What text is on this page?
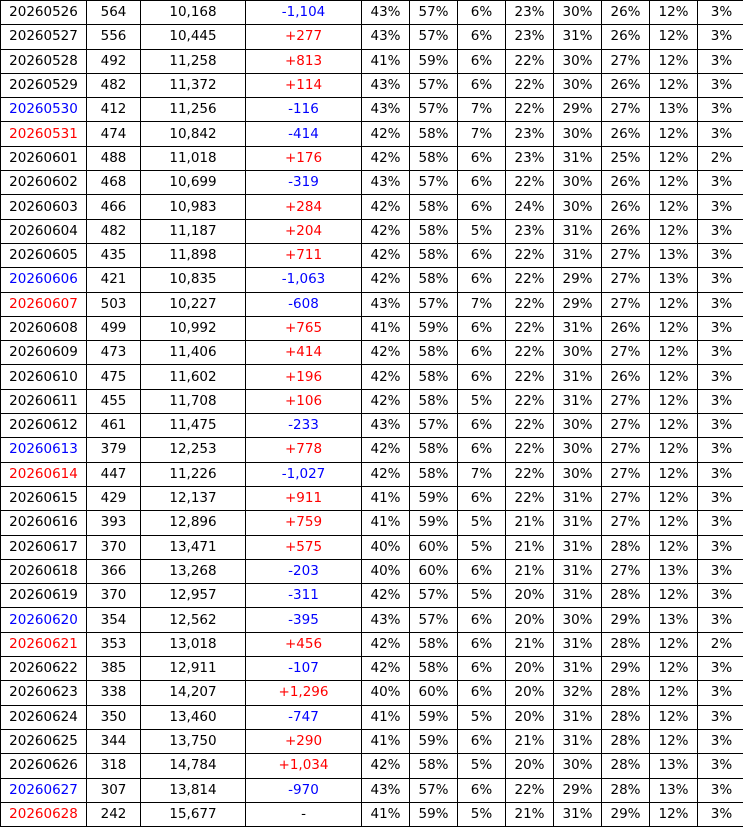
20260526	564	10,168	-1,104	43%	57%	6%	23%	30%	26%	12%	3%
20260527	556	10,445	+277	43%	57%	6%	23%	31%	26%	12%	3%
20260528	492	11,258	+813	41%	59%	6%	22%	30%	27%	12%	3%
20260529	482	11,372	+114	43%	57%	6%	22%	30%	26%	12%	3%
20260530	412	11,256	-116	43%	57%	7%	22%	29%	27%	13%	3%
20260531	474	10,842	-414	42%	58%	7%	23%	30%	26%	12%	3%
20260601	488	11,018	+176	42%	58%	6%	23%	31%	25%	12%	2%
20260602	468	10,699	-319	43%	57%	6%	22%	30%	26%	12%	3%
20260603	466	10,983	+284	42%	58%	6%	24%	30%	26%	12%	3%
20260604	482	11,187	+204	42%	58%	5%	23%	31%	26%	12%	3%
20260605	435	11,898	+711	42%	58%	6%	22%	31%	27%	13%	3%
20260606	421	10,835	-1,063	42%	58%	6%	22%	29%	27%	13%	3%
20260607	503	10,227	-608	43%	57%	7%	22%	29%	27%	12%	3%
20260608	499	10,992	+765	41%	59%	6%	22%	31%	26%	12%	3%
20260609	473	11,406	+414	42%	58%	6%	22%	30%	27%	12%	3%
20260610	475	11,602	+196	42%	58%	6%	22%	31%	26%	12%	3%
20260611	455	11,708	+106	42%	58%	5%	22%	31%	27%	12%	3%
20260612	461	11,475	-233	43%	57%	6%	22%	30%	27%	12%	3%
20260613	379	12,253	+778	42%	58%	6%	22%	30%	27%	12%	3%
20260614	447	11,226	-1,027	42%	58%	7%	22%	30%	27%	12%	3%
20260615	429	12,137	+911	41%	59%	6%	22%	31%	27%	12%	3%
20260616	393	12,896	+759	41%	59%	5%	21%	31%	27%	12%	3%
20260617	370	13,471	+575	40%	60%	5%	21%	31%	28%	12%	3%
20260618	366	13,268	-203	40%	60%	6%	21%	31%	27%	13%	3%
20260619	370	12,957	-311	42%	57%	5%	20%	31%	28%	12%	3%
20260620	354	12,562	-395	43%	57%	6%	20%	30%	29%	13%	3%
20260621	353	13,018	+456	42%	58%	6%	21%	31%	28%	12%	2%
20260622	385	12,911	-107	42%	58%	6%	20%	31%	29%	12%	3%
20260623	338	14,207	+1,296	40%	60%	6%	20%	32%	28%	12%	3%
20260624	350	13,460	-747	41%	59%	5%	20%	31%	28%	12%	3%
20260625	344	13,750	+290	41%	59%	6%	21%	31%	28%	12%	3%
20260626	318	14,784	+1,034	42%	58%	5%	20%	30%	28%	13%	3%
20260627	307	13,814	-970	43%	57%	6%	22%	29%	28%	13%	3%
20260628	242	15,677	-	41%	59%	5%	21%	31%	29%	12%	3%
